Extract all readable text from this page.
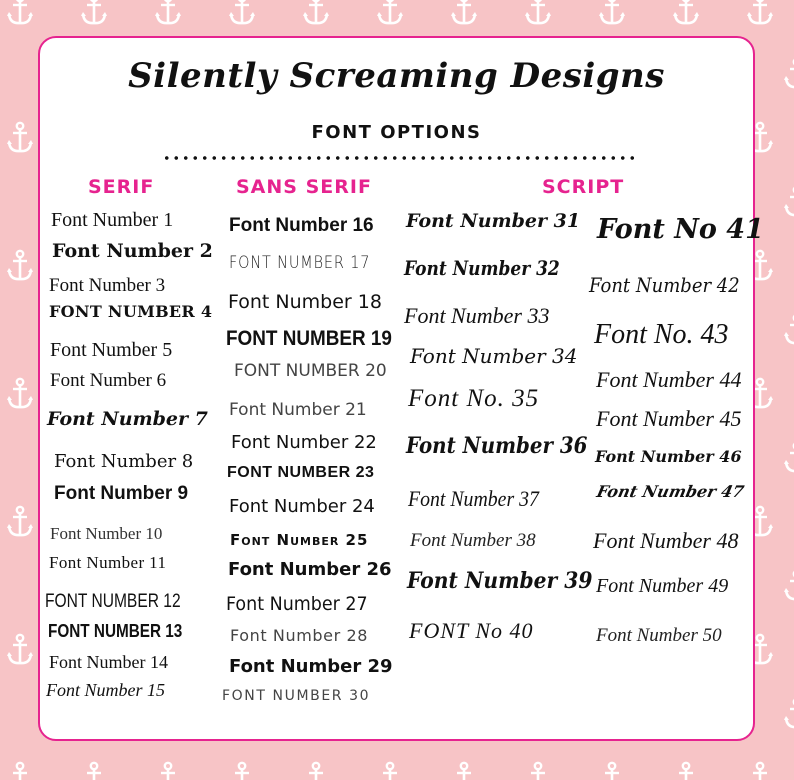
Silently Screaming Designs
FONT OPTIONS
SERIF	SANS SERIF	SCRIPT
Font Number 1
Font Number 2
Font Number 3
FONT NUMBER 4
Font Number 5
Font Number 6
Font Number 7
Font Number 8
Font Number 9
Font Number 10
Font Number 11
FONT NUMBER 12
FONT NUMBER 13
Font Number 14
Font Number 15
Font Number 16
FONT NUMBER 17
Font Number 18
FONT NUMBER 19
FONT NUMBER 20
Font Number 21
Font Number 22
FONT NUMBER 23
Font Number 24
Font Number 25
Font Number 26
Font Number 27
Font Number 28
Font Number 29
FONT NUMBER 30
Font Number 31
Font Number 32
Font Number 33
Font Number 34
Font No. 35
Font Number 36
Font Number 37
Font Number 38
Font Number 39
FONT No 40
Font No 41
Font Number 42
Font No. 43
Font Number 44
Font Number 45
Font Number 46
Font Number 47
Font Number 48
Font Number 49
Font Number 50
